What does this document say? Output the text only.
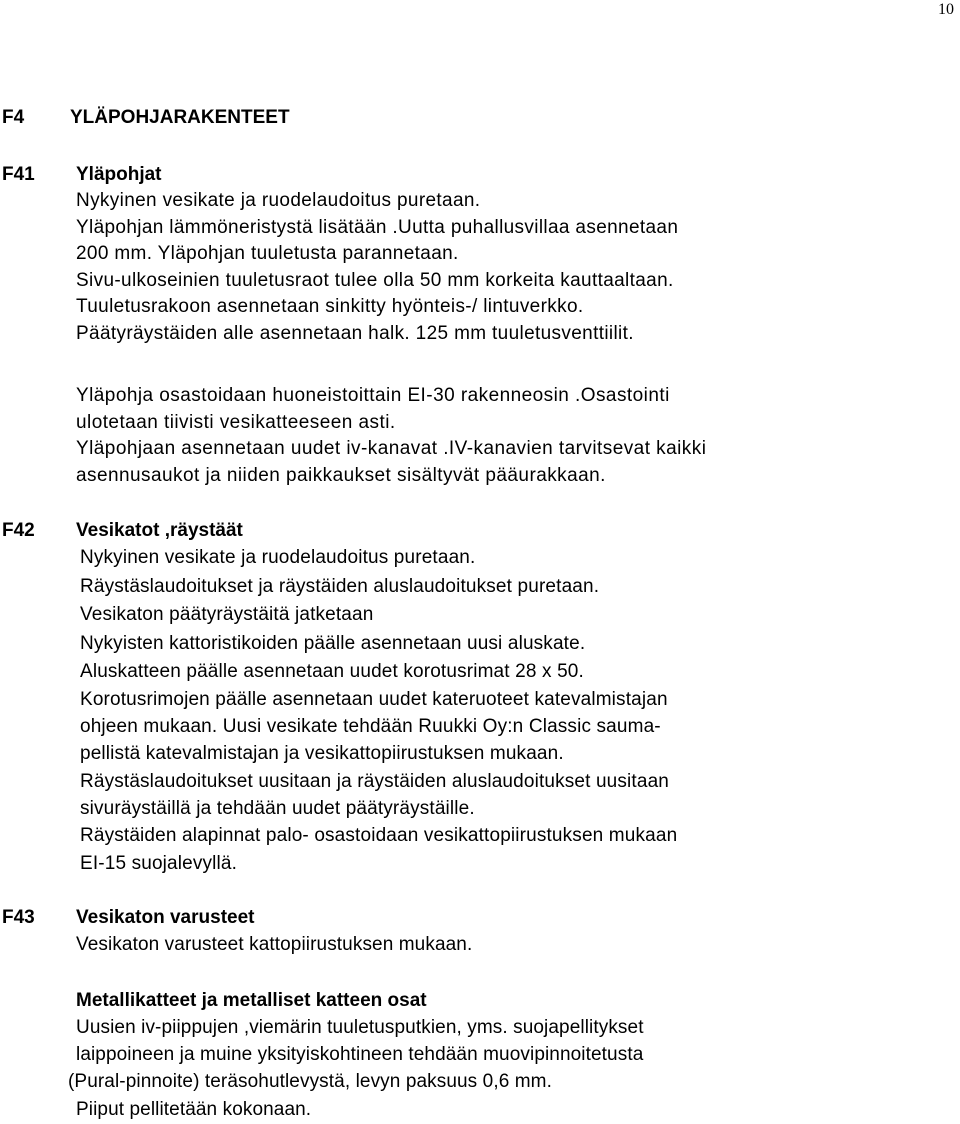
10
F4 YLÄPOHJARAKENTEET
F41 Yläpohjat
Nykyinen vesikate ja ruodelaudoitus puretaan.
Yläpohjan lämmöneristystä lisätään .Uutta puhallusvillaa asennetaan
200 mm. Yläpohjan tuuletusta parannetaan.
Sivu-ulkoseinien tuuletusraot tulee olla 50 mm korkeita kauttaaltaan.
Tuuletusrakoon asennetaan sinkitty hyönteis-/ lintuverkko.
Päätyräystäiden alle asennetaan halk. 125 mm tuuletusventtiilit.
Yläpohja osastoidaan huoneistoittain EI-30 rakenneosin .Osastointi
ulotetaan tiivisti vesikatteeseen asti.
Yläpohjaan asennetaan uudet iv-kanavat .IV-kanavien tarvitsevat kaikki
asennusaukot ja niiden paikkaukset sisältyvät pääurakkaan.
F42 Vesikatot ,räystäät
Nykyinen vesikate ja ruodelaudoitus puretaan.
Räystäslaudoitukset ja räystäiden aluslaudoitukset puretaan.
Vesikaton päätyräystäitä jatketaan
Nykyisten kattoristikoiden päälle asennetaan uusi aluskate.
Aluskatteen päälle asennetaan uudet korotusrimat 28 x 50.
Korotusrimojen päälle asennetaan uudet kateruoteet katevalmistajan
ohjeen mukaan. Uusi vesikate tehdään Ruukki Oy:n Classic sauma-
pellistä katevalmistajan ja vesikattopiirustuksen mukaan.
Räystäslaudoitukset uusitaan ja räystäiden aluslaudoitukset uusitaan
sivuräystäillä ja tehdään uudet päätyräystäille.
Räystäiden alapinnat palo- osastoidaan vesikattopiirustuksen mukaan
EI-15 suojalevyllä.
F43 Vesikaton varusteet
Vesikaton varusteet kattopiirustuksen mukaan.
Metallikatteet ja metalliset katteen osat
Uusien iv-piippujen ,viemärin tuuletusputkien, yms. suojapellitykset
laippoineen ja muine yksityiskohtineen tehdään muovipinnoitetusta
(Pural-pinnoite) teräsohutlevystä, levyn paksuus 0,6 mm.
Piiput pellitetään kokonaan.
